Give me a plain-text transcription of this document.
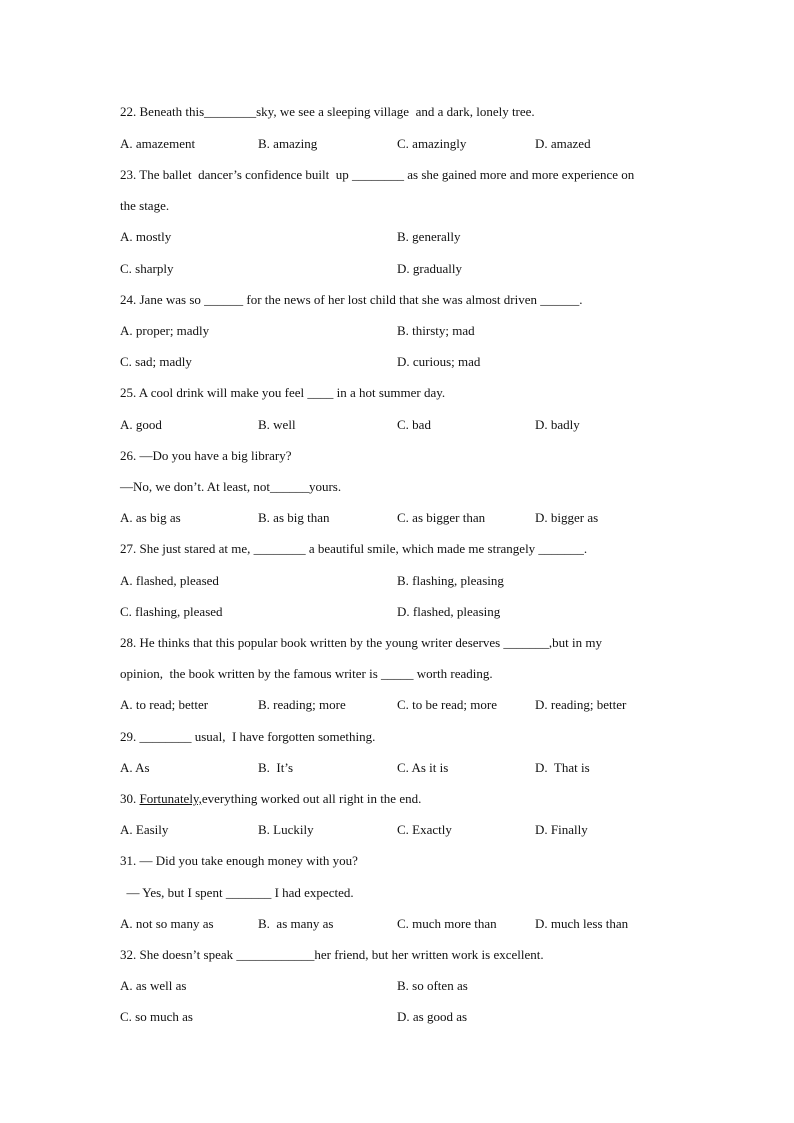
22. Beneath this________sky, we see a sleeping village  and a dark, lonely tree.
A. amazement	B. amazing	C. amazingly	D. amazed
23. The ballet  dancer’s confidence built  up ________ as she gained more and more experience on
the stage.
A. mostly	B. generally
C. sharply	D. gradually
24. Jane was so ______ for the news of her lost child that she was almost driven ______.
A. proper; madly	B. thirsty; mad
C. sad; madly	D. curious; mad
25. A cool drink will make you feel ____ in a hot summer day.
A. good	B. well	C. bad	D. badly
26. —Do you have a big library?
—No, we don’t. At least, not______yours.
A. as big as	B. as big than	C. as bigger than	D. bigger as
27. She just stared at me, ________ a beautiful smile, which made me strangely _______.
A. flashed, pleased	B. flashing, pleasing
C. flashing, pleased	D. flashed, pleasing
28. He thinks that this popular book written by the young writer deserves _______,but in my
opinion,  the book written by the famous writer is _____ worth reading.
A. to read; better	B. reading; more	C. to be read; more	D. reading; better
29. ________ usual,  I have forgotten something.
A. As	B.  It’s	C. As it is	D.  That is
30. Fortunately,everything worked out all right in the end.
A. Easily	B. Luckily	C. Exactly	D. Finally
31. — Did you take enough money with you?
— Yes, but I spent _______ I had expected.
A. not so many as	B.  as many as	C. much more than	D. much less than
32. She doesn’t speak ____________her friend, but her written work is excellent.
A. as well as	B. so often as
C. so much as	D. as good as
